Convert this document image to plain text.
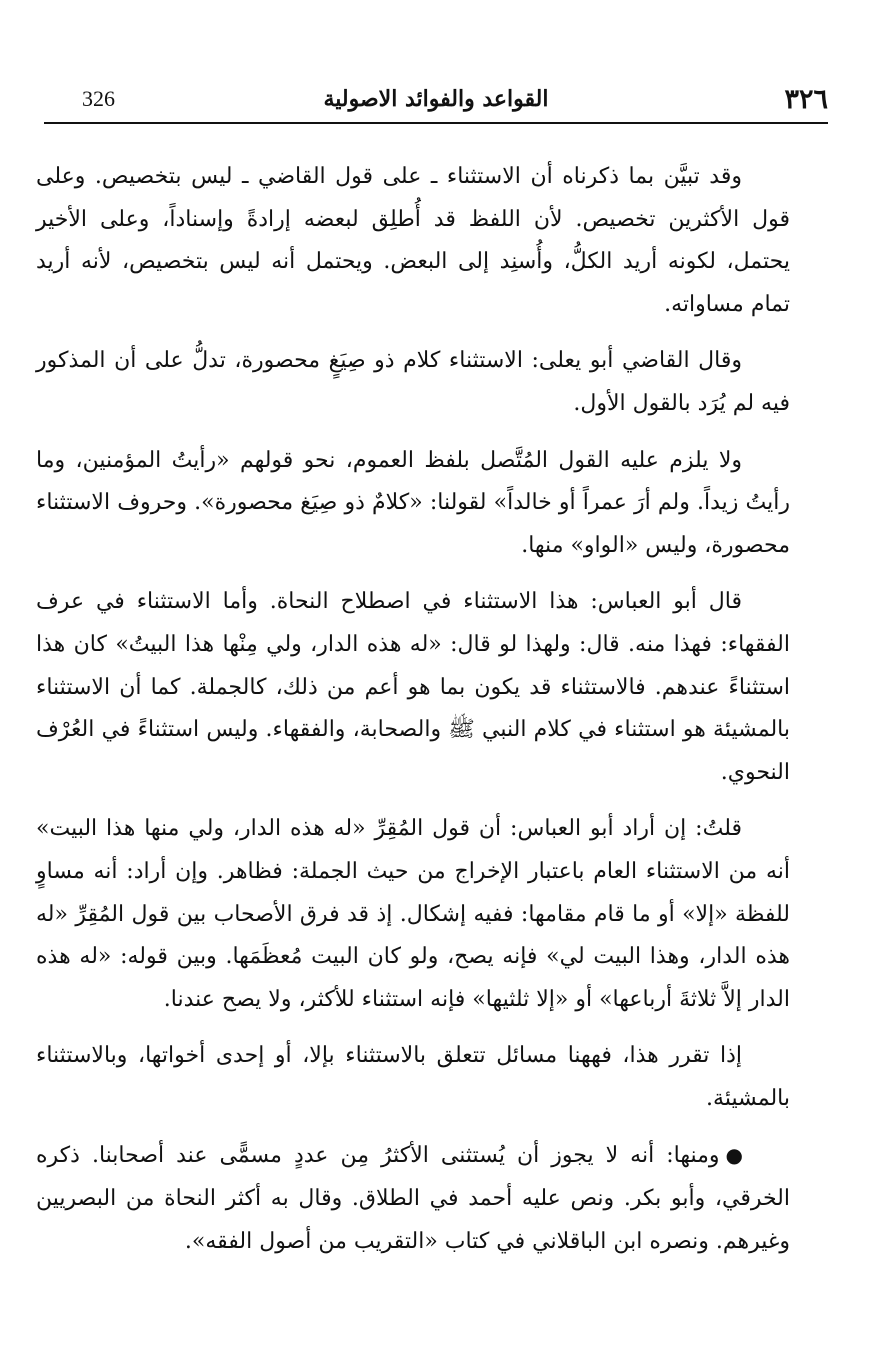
٣٢٦
القواعد والفوائد الاصولية
326

وقد تبيَّن بما ذكرناه أن الاستثناء ـ على قول القاضي ـ ليس بتخصيص. وعلى قول الأكثرين تخصيص. لأن اللفظ قد أُطلِق لبعضه إرادةً وإسناداً، وعلى الأخير يحتمل، لكونه أريد الكلُّ، وأُسنِد إلى البعض. ويحتمل أنه ليس بتخصيص، لأنه أريد تمام مساواته.

وقال القاضي أبو يعلى: الاستثناء كلام ذو صِيَغٍ محصورة، تدلُّ على أن المذكور فيه لم يُرَد بالقول الأول.

ولا يلزم عليه القول المُتَّصل بلفظ العموم، نحو قولهم «رأيتُ المؤمنين، وما رأيتُ زيداً. ولم أرَ عمراً أو خالداً» لقولنا: «كلامٌ ذو صِيَغ محصورة». وحروف الاستثناء محصورة، وليس «الواو» منها.

قال أبو العباس: هذا الاستثناء في اصطلاح النحاة. وأما الاستثناء في عرف الفقهاء: فهذا منه. قال: ولهذا لو قال: «له هذه الدار، ولي مِنْها هذا البيتُ» كان هذا استثناءً عندهم. فالاستثناء قد يكون بما هو أعم من ذلك، كالجملة. كما أن الاستثناء بالمشيئة هو استثناء في كلام النبي ﷺ والصحابة، والفقهاء. وليس استثناءً في العُرْف النحوي.

قلتُ: إن أراد أبو العباس: أن قول المُقِرِّ «له هذه الدار، ولي منها هذا البيت» أنه من الاستثناء العام باعتبار الإخراج من حيث الجملة: فظاهر. وإن أراد: أنه مساوٍ للفظة «إلا» أو ما قام مقامها: ففيه إشكال. إذ قد فرق الأصحاب بين قول المُقِرِّ «له هذه الدار، وهذا البيت لي» فإنه يصح، ولو كان البيت مُعظَمَها. وبين قوله: «له هذه الدار إلاَّ ثلاثةَ أرباعها» أو «إلا ثلثيها» فإنه استثناء للأكثر، ولا يصح عندنا.

إذا تقرر هذا، فههنا مسائل تتعلق بالاستثناء بإلا، أو إحدى أخواتها، وبالاستثناء بالمشيئة.

●ومنها: أنه لا يجوز أن يُستثنى الأكثرُ مِن عددٍ مسمًّى عند أصحابنا. ذكره الخرقي، وأبو بكر. ونص عليه أحمد في الطلاق. وقال به أكثر النحاة من البصريين وغيرهم. ونصره ابن الباقلاني في كتاب «التقريب من أصول الفقه».
